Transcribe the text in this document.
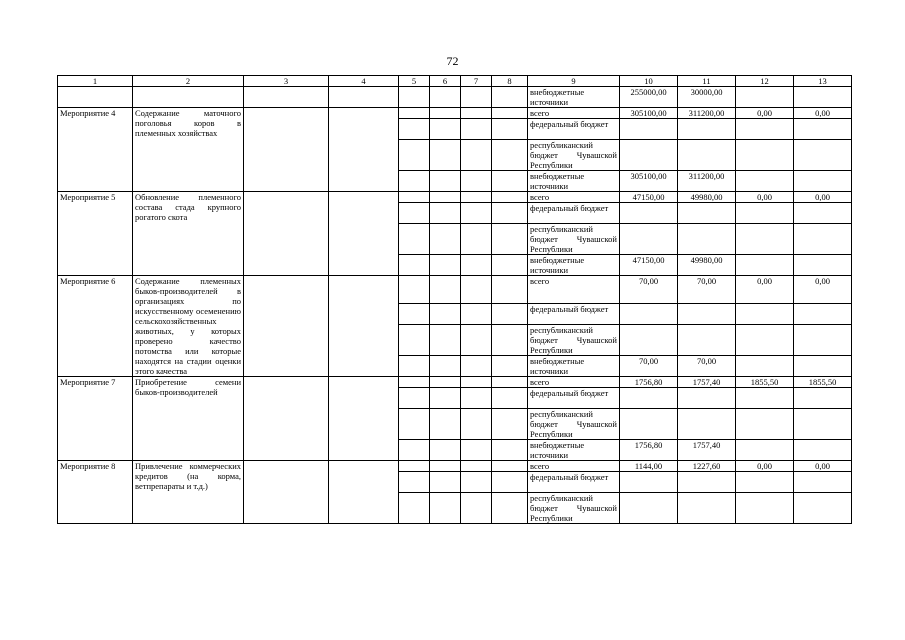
72
1	2	3	4	5	6	7	8	9	10	11	12	13
								внебюджетные источники	255000,00	30000,00		
Мероприятие 4	Содержание маточного поголовья коров в племенных хозяйствах							всего	305100,00	311200,00	0,00	0,00
								федеральный бюджет				
								республиканский бюджет Чувашской Республики				
								внебюджетные источники	305100,00	311200,00		
Мероприятие 5	Обновление племенного состава стада крупного рогатого скота							всего	47150,00	49980,00	0,00	0,00
								федеральный бюджет				
								республиканский бюджет Чувашской Республики				
								внебюджетные источники	47150,00	49980,00		
Мероприятие 6	Содержание племенных быков-производителей в организациях по искусственному осеменению сельскохозяйственных животных, у которых проверено качество потомства или которые находятся на стадии оценки этого качества							всего	70,00	70,00	0,00	0,00
								федеральный бюджет				
								республиканский бюджет Чувашской Республики				
								внебюджетные источники	70,00	70,00		
Мероприятие 7	Приобретение семени быков-производителей							всего	1756,80	1757,40	1855,50	1855,50
								федеральный бюджет				
								республиканский бюджет Чувашской Республики				
								внебюджетные источники	1756,80	1757,40		
Мероприятие 8	Привлечение коммерческих кредитов (на корма, ветпрепараты и т.д.)							всего	1144,00	1227,60	0,00	0,00
								федеральный бюджет				
								республиканский бюджет Чувашской Республики				
